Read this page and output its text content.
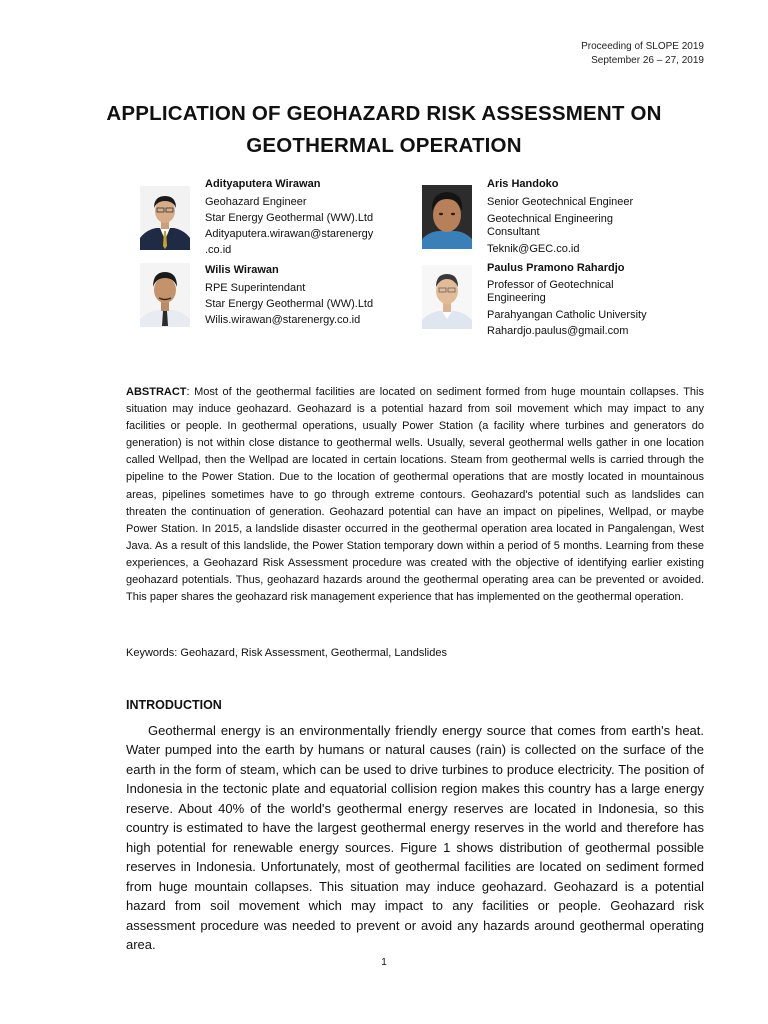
Proceeding of SLOPE 2019
September 26 – 27, 2019
APPLICATION OF GEOHAZARD RISK ASSESSMENT ON
GEOTHERMAL OPERATION
Adityaputera Wirawan
Geohazard Engineer
Star Energy Geothermal (WW).Ltd
Adityaputera.wirawan@starenergy
.co.id
Aris Handoko
Senior Geotechnical Engineer
Geotechnical Engineering
Consultant
Teknik@GEC.co.id
Wilis Wirawan
RPE Superintendant
Star Energy Geothermal (WW).Ltd
Wilis.wirawan@starenergy.co.id
Paulus Pramono Rahardjo
Professor of Geotechnical
Engineering
Parahyangan Catholic University
Rahardjo.paulus@gmail.com
ABSTRACT: Most of the geothermal facilities are located on sediment formed from huge mountain collapses. This situation may induce geohazard. Geohazard is a potential hazard from soil movement which may impact to any facilities or people. In geothermal operations, usually Power Station (a facility where turbines and generators do generation) is not within close distance to geothermal wells. Usually, several geothermal wells gather in one location called Wellpad, then the Wellpad are located in certain locations. Steam from geothermal wells is carried through the pipeline to the Power Station. Due to the location of geothermal operations that are mostly located in mountainous areas, pipelines sometimes have to go through extreme contours. Geohazard's potential such as landslides can threaten the continuation of generation. Geohazard potential can have an impact on pipelines, Wellpad, or maybe Power Station. In 2015, a landslide disaster occurred in the geothermal operation area located in Pangalengan, West Java. As a result of this landslide, the Power Station temporary down within a period of 5 months. Learning from these experiences, a Geohazard Risk Assessment procedure was created with the objective of identifying earlier existing geohazard potentials. Thus, geohazard hazards around the geothermal operating area can be prevented or avoided. This paper shares the geohazard risk management experience that has implemented on the geothermal operation.
Keywords: Geohazard, Risk Assessment, Geothermal, Landslides
INTRODUCTION
Geothermal energy is an environmentally friendly energy source that comes from earth's heat. Water pumped into the earth by humans or natural causes (rain) is collected on the surface of the earth in the form of steam, which can be used to drive turbines to produce electricity. The position of Indonesia in the tectonic plate and equatorial collision region makes this country has a large energy reserve. About 40% of the world's geothermal energy reserves are located in Indonesia, so this country is estimated to have the largest geothermal energy reserves in the world and therefore has high potential for renewable energy sources. Figure 1 shows distribution of geothermal possible reserves in Indonesia. Unfortunately, most of geothermal facilities are located on sediment formed from huge mountain collapses. This situation may induce geohazard. Geohazard is a potential hazard from soil movement which may impact to any facilities or people. Geohazard risk assessment procedure was needed to prevent or avoid any hazards around geothermal operating area.
1
